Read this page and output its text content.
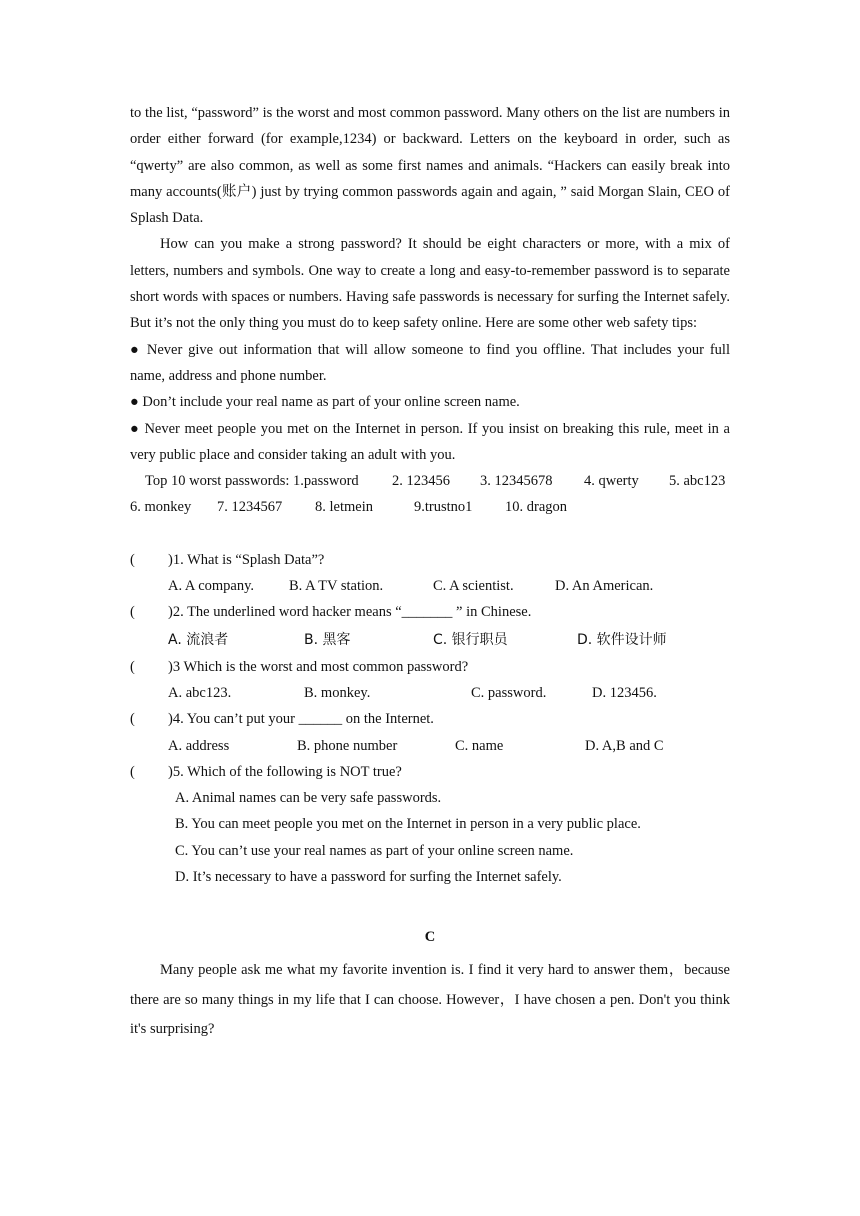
to the list, “password” is the worst and most common password. Many others on the list are numbers in order either forward (for example,1234) or backward. Letters on the keyboard in order, such as “qwerty” are also common, as well as some first names and animals. “Hackers can easily break into many accounts(账户) just by trying common passwords again and again, ” said Morgan Slain, CEO of Splash Data.

How can you make a strong password? It should be eight characters or more, with a mix of letters, numbers and symbols. One way to create a long and easy-to-remember password is to separate short words with spaces or numbers. Having safe passwords is necessary for surfing the Internet safely. But it’s not the only thing you must do to keep safety online. Here are some other web safety tips:

● Never give out information that will allow someone to find you offline. That includes your full name, address and phone number.

● Don’t include your real name as part of your online screen name.

● Never meet people you met on the Internet in person. If you insist on breaking this rule, meet in a very public place and consider taking an adult with you.

Top 10 worst passwords: 1.password	2. 123456	3. 12345678	4. qwerty	5. abc123
6. monkey	7. 1234567	8. letmein	9.trustno1	10. dragon
(	)1. What is “Splash Data”?
A. A company. B. A TV station.	C. A scientist.	D. An American.
(	)2. The underlined word hacker means “_______ ” in Chinese.
A. 流浪者	B. 黑客	C. 银行职员	D. 软件设计师
(	)3 Which is the worst and most common password?
A. abc123.	B. monkey.	C. password.	D. 123456.
(	)4. You can’t put your ______ on the Internet.
A. address	B. phone number	C. name	D. A,B and C
(	)5. Which of the following is NOT true?
A. Animal names can be very safe passwords.
B. You can meet people you met on the Internet in person in a very public place.
C. You can’t use your real names as part of your online screen name.
D. It’s necessary to have a password for surfing the Internet safely.
C

Many people ask me what my favorite invention is. I find it very hard to answer them，because there are so many things in my life that I can choose. However，I have chosen a pen. Don't you think it's surprising?
